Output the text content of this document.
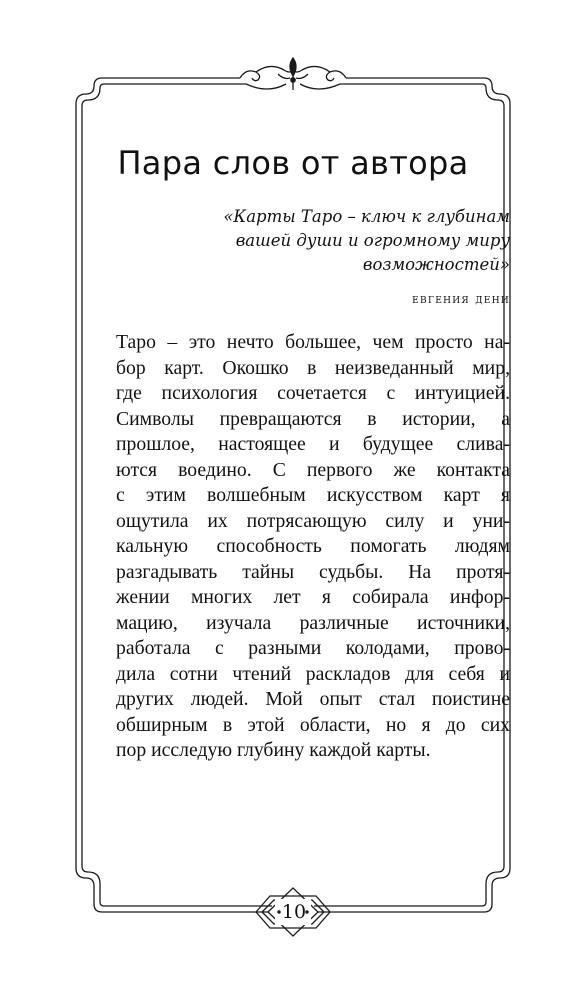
Пара слов от автора

«Карты Таро – ключ к глубинам
вашей души и огромному миру
возможностей»

евгения дени

Таро – это нечто большее, чем просто на-
бор карт. Окошко в неизведанный мир,
где психология сочетается с интуицией.
Символы превращаются в истории, а
прошлое, настоящее и будущее слива-
ются воедино. С первого же контакта
с этим волшебным искусством карт я
ощутила их потрясающую силу и уни-
кальную способность помогать людям
разгадывать тайны судьбы. На протя-
жении многих лет я собирала инфор-
мацию, изучала различные источники,
работала с разными колодами, прово-
дила сотни чтений раскладов для себя и
других людей. Мой опыт стал поистине
обширным в этой области, но я до сих
пор исследую глубину каждой карты.
10
